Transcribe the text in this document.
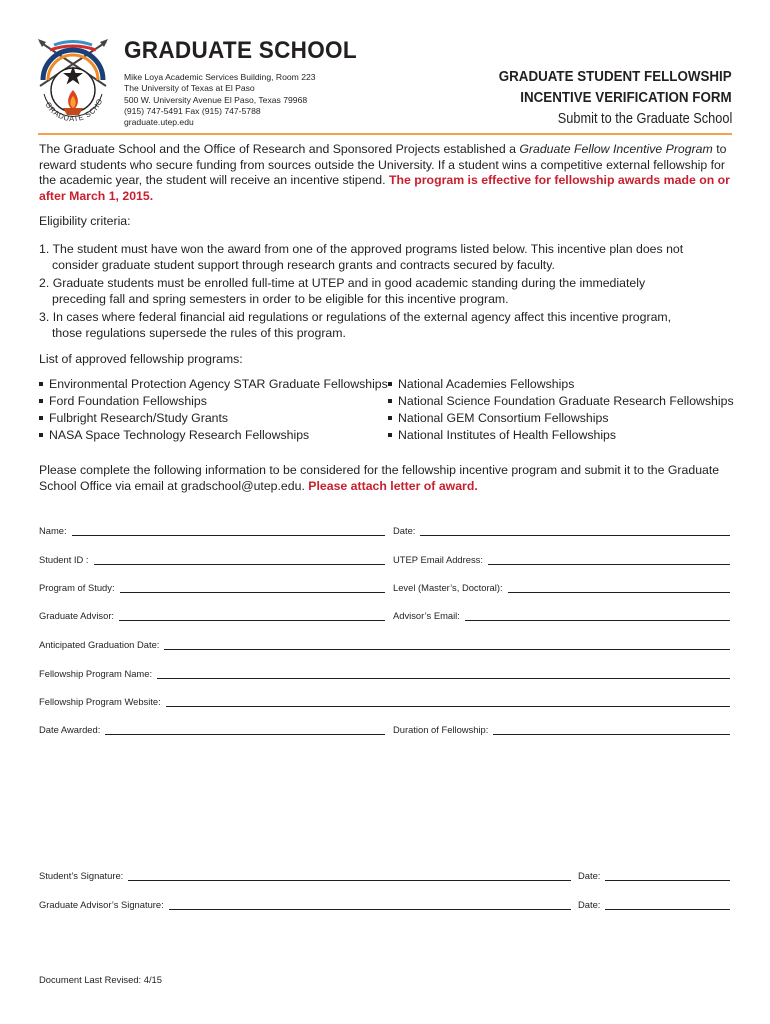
GRADUATE SCHO
GRADUATE SCHOOL
Mike Loya Academic Services Building, Room 223
The University of Texas at El Paso
500 W. University Avenue El Paso, Texas 79968
(915) 747-5491 Fax (915) 747-5788
graduate.utep.edu
GRADUATE STUDENT FELLOWSHIP
INCENTIVE VERIFICATION FORM
Submit to the Graduate School
The Graduate School and the Office of Research and Sponsored Projects established a Graduate Fellow Incentive Program to reward students who secure funding from sources outside the University. If a student wins a competitive external fellowship for the academic year, the student will receive an incentive stipend. The program is effective for fellowship awards made on or after March 1, 2015.
Eligibility criteria:
1. The student must have won the award from one of the approved programs listed below. This incentive plan does not
consider graduate student support through research grants and contracts secured by faculty.
2. Graduate students must be enrolled full-time at UTEP and in good academic standing during the immediately
preceding fall and spring semesters in order to be eligible for this incentive program.
3. In cases where federal financial aid regulations or regulations of the external agency affect this incentive program,
those regulations supersede the rules of this program.
List of approved fellowship programs:
Environmental Protection Agency STAR Graduate Fellowships
Ford Foundation Fellowships
Fulbright Research/Study Grants
NASA Space Technology Research Fellowships
National Academies Fellowships
National Science Foundation Graduate Research Fellowships
National GEM Consortium Fellowships
National Institutes of Health Fellowships
Please complete the following information to be considered for the fellowship incentive program and submit it to the Graduate School Office via email at gradschool@utep.edu. Please attach letter of award.
Name:	Date:
Student ID :	UTEP Email Address:
Program of Study:	Level (Master’s, Doctoral):
Graduate Advisor:	Advisor’s Email:
Anticipated Graduation Date:
Fellowship Program Name:
Fellowship Program Website:
Date Awarded:	Duration of Fellowship:
Student’s Signature:	Date:
Graduate Advisor’s Signature:	Date:
Document Last Revised: 4/15
